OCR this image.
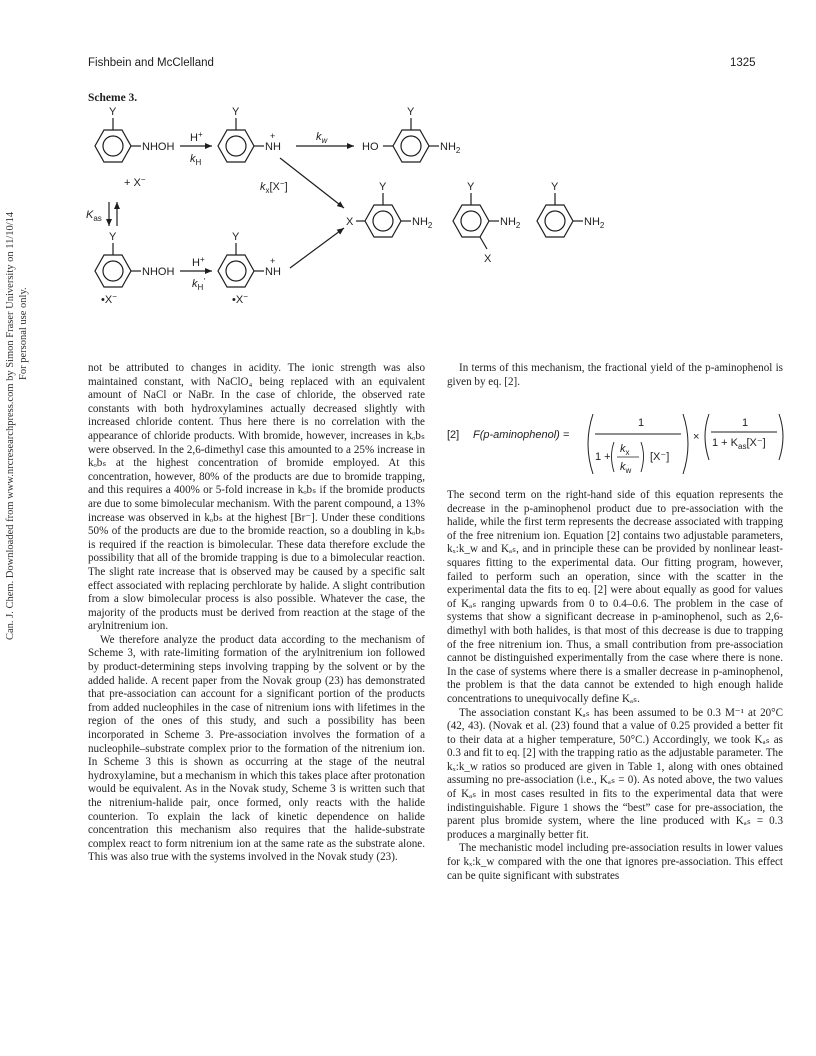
Fishbein and McClelland	1325
Can. J. Chem. Downloaded from www.nrcresearchpress.com by Simon Fraser University on 11/10/14 For personal use only.
Scheme 3.
Y	Y	Y
Y	Y	Y
Y	Y
NHOH
+
NH	HO	$NH_2$
X	$NH_2$	$NH_2$
X
$NH_2$
NHOH
+
NH
H+
$k_H$
$k_w$
$k_x[X^-]$
+ X−
$K_{as}$
H+
$k_H'$
•X−	•X−

not be attributed to changes in acidity. The ionic strength was also maintained constant, with NaClO₄ being replaced with an equivalent amount of NaCl or NaBr. In the case of chloride, the observed rate constants with both hydroxylamines actually decreased slightly with increased chloride content. Thus here there is no correlation with the appearance of chloride products. With bromide, however, increases in kₒbₛ were observed. In the 2,6-dimethyl case this amounted to a 25% increase in kₒbₛ at the highest concentration of bromide employed. At this concentration, however, 80% of the products are due to bromide trapping, and this requires a 400% or 5-fold increase in kₒbₛ if the bromide products are due to some bimolecular mechanism. With the parent compound, a 13% increase was observed in kₒbₛ at the highest [Br⁻]. Under these conditions 50% of the products are due to the bromide reaction, so a doubling in kₒbₛ is required if the reaction is bimolecular. These data therefore exclude the possibility that all of the bromide trapping is due to a bimolecular reaction. The slight rate increase that is observed may be caused by a specific salt effect associated with replacing perchlorate by halide. A slight contribution from a slow bimolecular process is also possible. Whatever the case, the majority of the products must be derived from reaction at the stage of the arylnitrenium ion.

We therefore analyze the product data according to the mechanism of Scheme 3, with rate-limiting formation of the arylnitrenium ion followed by product-determining steps involving trapping by the solvent or by the added halide. A recent paper from the Novak group (23) has demonstrated that pre-association can account for a significant portion of the products from added nucleophiles in the case of nitrenium ions with lifetimes in the region of the ones of this study, and such a possibility has been incorporated in Scheme 3. Pre-association involves the formation of a nucleophile–substrate complex prior to the formation of the nitrenium ion. In Scheme 3 this is shown as occurring at the stage of the neutral hydroxylamine, but a mechanism in which this takes place after protonation would be equivalent. As in the Novak study, Scheme 3 is written such that the nitrenium-halide pair, once formed, only reacts with the halide counterion. To explain the lack of kinetic dependence on halide concentration this mechanism also requires that the halide-substrate complex react to form nitrenium ion at the same rate as the substrate alone. This was also true with the systems involved in the Novak study (23).

In terms of this mechanism, the fractional yield of the p-aminophenol is given by eq. [2].

[2] F(p-aminophenol) =
1
1 +
$k_x$
$k_w$
[X⁻]
×
1
$1 + K_{as}[X^-]$

The second term on the right-hand side of this equation represents the decrease in the p-aminophenol product due to pre-association with the halide, while the first term represents the decrease associated with trapping of the free nitrenium ion. Equation [2] contains two adjustable parameters, kₓ:k_w and Kₐₛ, and in principle these can be provided by nonlinear least-squares fitting to the experimental data. Our fitting program, however, failed to perform such an operation, since with the scatter in the experimental data the fits to eq. [2] were about equally as good for values of Kₐₛ ranging upwards from 0 to 0.4–0.6. The problem in the case of systems that show a significant decrease in p-aminophenol, such as 2,6-dimethyl with both halides, is that most of this decrease is due to trapping of the free nitrenium ion. Thus, a small contribution from pre-association cannot be distinguished experimentally from the case where there is none. In the case of systems where there is a smaller decrease in p-aminophenol, the problem is that the data cannot be extended to high enough halide concentrations to unequivocally define Kₐₛ.

The association constant Kₐₛ has been assumed to be 0.3 M⁻¹ at 20°C (42, 43). (Novak et al. (23) found that a value of 0.25 provided a better fit to their data at a higher temperature, 50°C.) Accordingly, we took Kₐₛ as 0.3 and fit to eq. [2] with the trapping ratio as the adjustable parameter. The kₓ:k_w ratios so produced are given in Table 1, along with ones obtained assuming no pre-association (i.e., Kₐₛ = 0). As noted above, the two values of Kₐₛ in most cases resulted in fits to the experimental data that were indistinguishable. Figure 1 shows the “best” case for pre-association, the parent plus bromide system, where the line produced with Kₐₛ = 0.3 produces a marginally better fit.

The mechanistic model including pre-association results in lower values for kₓ:k_w compared with the one that ignores pre-association. This effect can be quite significant with substrates
